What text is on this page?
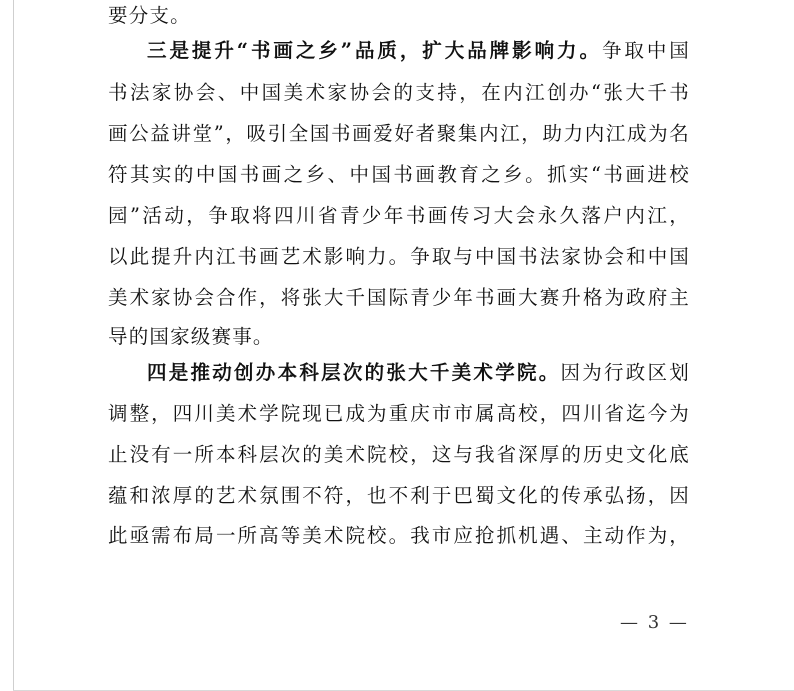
要分支。
三是提升“书画之乡”品质，扩大品牌影响力。争取中国
书法家协会、中国美术家协会的支持，在内江创办“张大千书
画公益讲堂”，吸引全国书画爱好者聚集内江，助力内江成为名
符其实的中国书画之乡、中国书画教育之乡。抓实“书画进校
园”活动，争取将四川省青少年书画传习大会永久落户内江，
以此提升内江书画艺术影响力。争取与中国书法家协会和中国
美术家协会合作，将张大千国际青少年书画大赛升格为政府主
导的国家级赛事。
四是推动创办本科层次的张大千美术学院。因为行政区划
调整，四川美术学院现已成为重庆市市属高校，四川省迄今为
止没有一所本科层次的美术院校，这与我省深厚的历史文化底
蕴和浓厚的艺术氛围不符，也不利于巴蜀文化的传承弘扬，因
此亟需布局一所高等美术院校。我市应抢抓机遇、主动作为，
— 3 —
